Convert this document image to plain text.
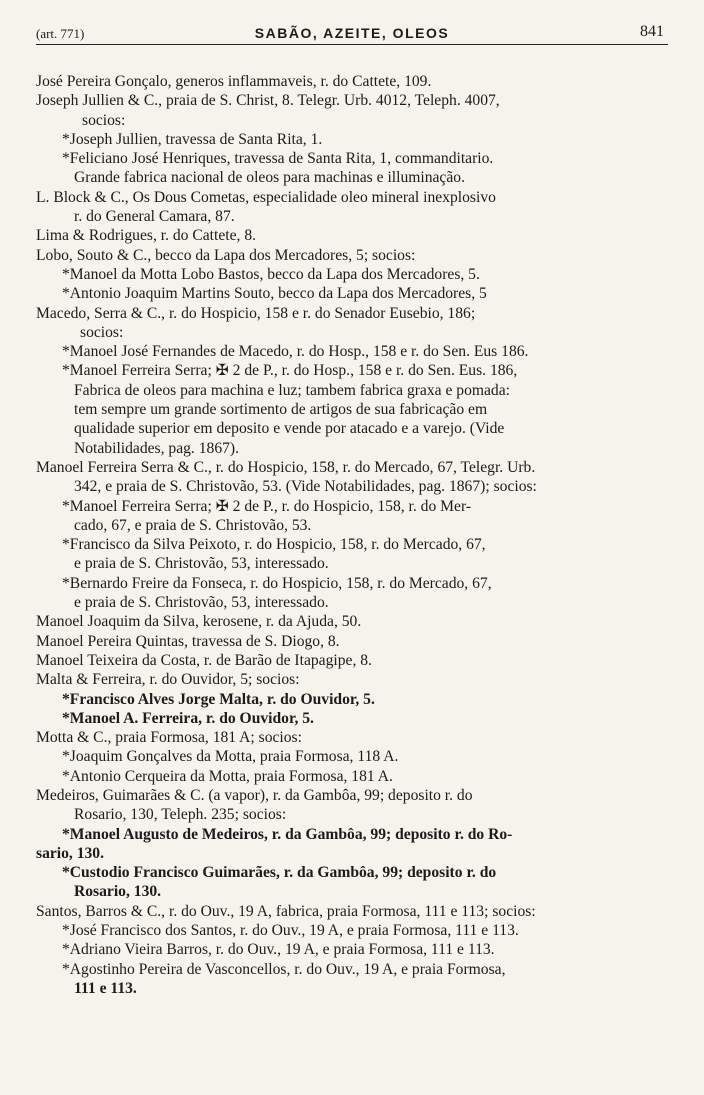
(art. 771)	SABÃO, AZEITE, OLEOS	841
José Pereira Gonçalo, generos inflammaveis, r. do Cattete, 109.
Joseph Jullien & C., praia de S. Christ, 8. Telegr. Urb. 4012, Teleph. 4007,
socios:
*Joseph Jullien, travessa de Santa Rita, 1.
*Feliciano José Henriques, travessa de Santa Rita, 1, commanditario.
Grande fabrica nacional de oleos para machinas e illuminação.
L. Block & C., Os Dous Cometas, especialidade oleo mineral inexplosivo
r. do General Camara, 87.
Lima & Rodrigues, r. do Cattete, 8.
Lobo, Souto & C., becco da Lapa dos Mercadores, 5; socios:
*Manoel da Motta Lobo Bastos, becco da Lapa dos Mercadores, 5.
*Antonio Joaquim Martins Souto, becco da Lapa dos Mercadores, 5
Macedo, Serra & C., r. do Hospicio, 158 e r. do Senador Eusebio, 186;
socios:
*Manoel José Fernandes de Macedo, r. do Hosp., 158 e r. do Sen. Eus 186.
*Manoel Ferreira Serra; ✠ 2 de P., r. do Hosp., 158 e r. do Sen. Eus. 186,
Fabrica de oleos para machina e luz; tambem fabrica graxa e pomada:
tem sempre um grande sortimento de artigos de sua fabricação em
qualidade superior em deposito e vende por atacado e a varejo. (Vide
Notabilidades, pag. 1867).
Manoel Ferreira Serra & C., r. do Hospicio, 158, r. do Mercado, 67, Telegr. Urb.
342, e praia de S. Christovão, 53. (Vide Notabilidades, pag. 1867); socios:
*Manoel Ferreira Serra; ✠ 2 de P., r. do Hospicio, 158, r. do Mer-
cado, 67, e praia de S. Christovão, 53.
*Francisco da Silva Peixoto, r. do Hospicio, 158, r. do Mercado, 67,
e praia de S. Christovão, 53, interessado.
*Bernardo Freire da Fonseca, r. do Hospicio, 158, r. do Mercado, 67,
e praia de S. Christovão, 53, interessado.
Manoel Joaquim da Silva, kerosene, r. da Ajuda, 50.
Manoel Pereira Quintas, travessa de S. Diogo, 8.
Manoel Teixeira da Costa, r. de Barão de Itapagipe, 8.
Malta & Ferreira, r. do Ouvidor, 5; socios:
*Francisco Alves Jorge Malta, r. do Ouvidor, 5.
*Manoel A. Ferreira, r. do Ouvidor, 5.
Motta & C., praia Formosa, 181 A; socios:
*Joaquim Gonçalves da Motta, praia Formosa, 118 A.
*Antonio Cerqueira da Motta, praia Formosa, 181 A.
Medeiros, Guimarães & C. (a vapor), r. da Gambôa, 99; deposito r. do
Rosario, 130, Teleph. 235; socios:
*Manoel Augusto de Medeiros, r. da Gambôa, 99; deposito r. do Ro-
sario, 130.
*Custodio Francisco Guimarães, r. da Gambôa, 99; deposito r. do
Rosario, 130.
Santos, Barros & C., r. do Ouv., 19 A, fabrica, praia Formosa, 111 e 113; socios:
*José Francisco dos Santos, r. do Ouv., 19 A, e praia Formosa, 111 e 113.
*Adriano Vieira Barros, r. do Ouv., 19 A, e praia Formosa, 111 e 113.
*Agostinho Pereira de Vasconcellos, r. do Ouv., 19 A, e praia Formosa,
111 e 113.
